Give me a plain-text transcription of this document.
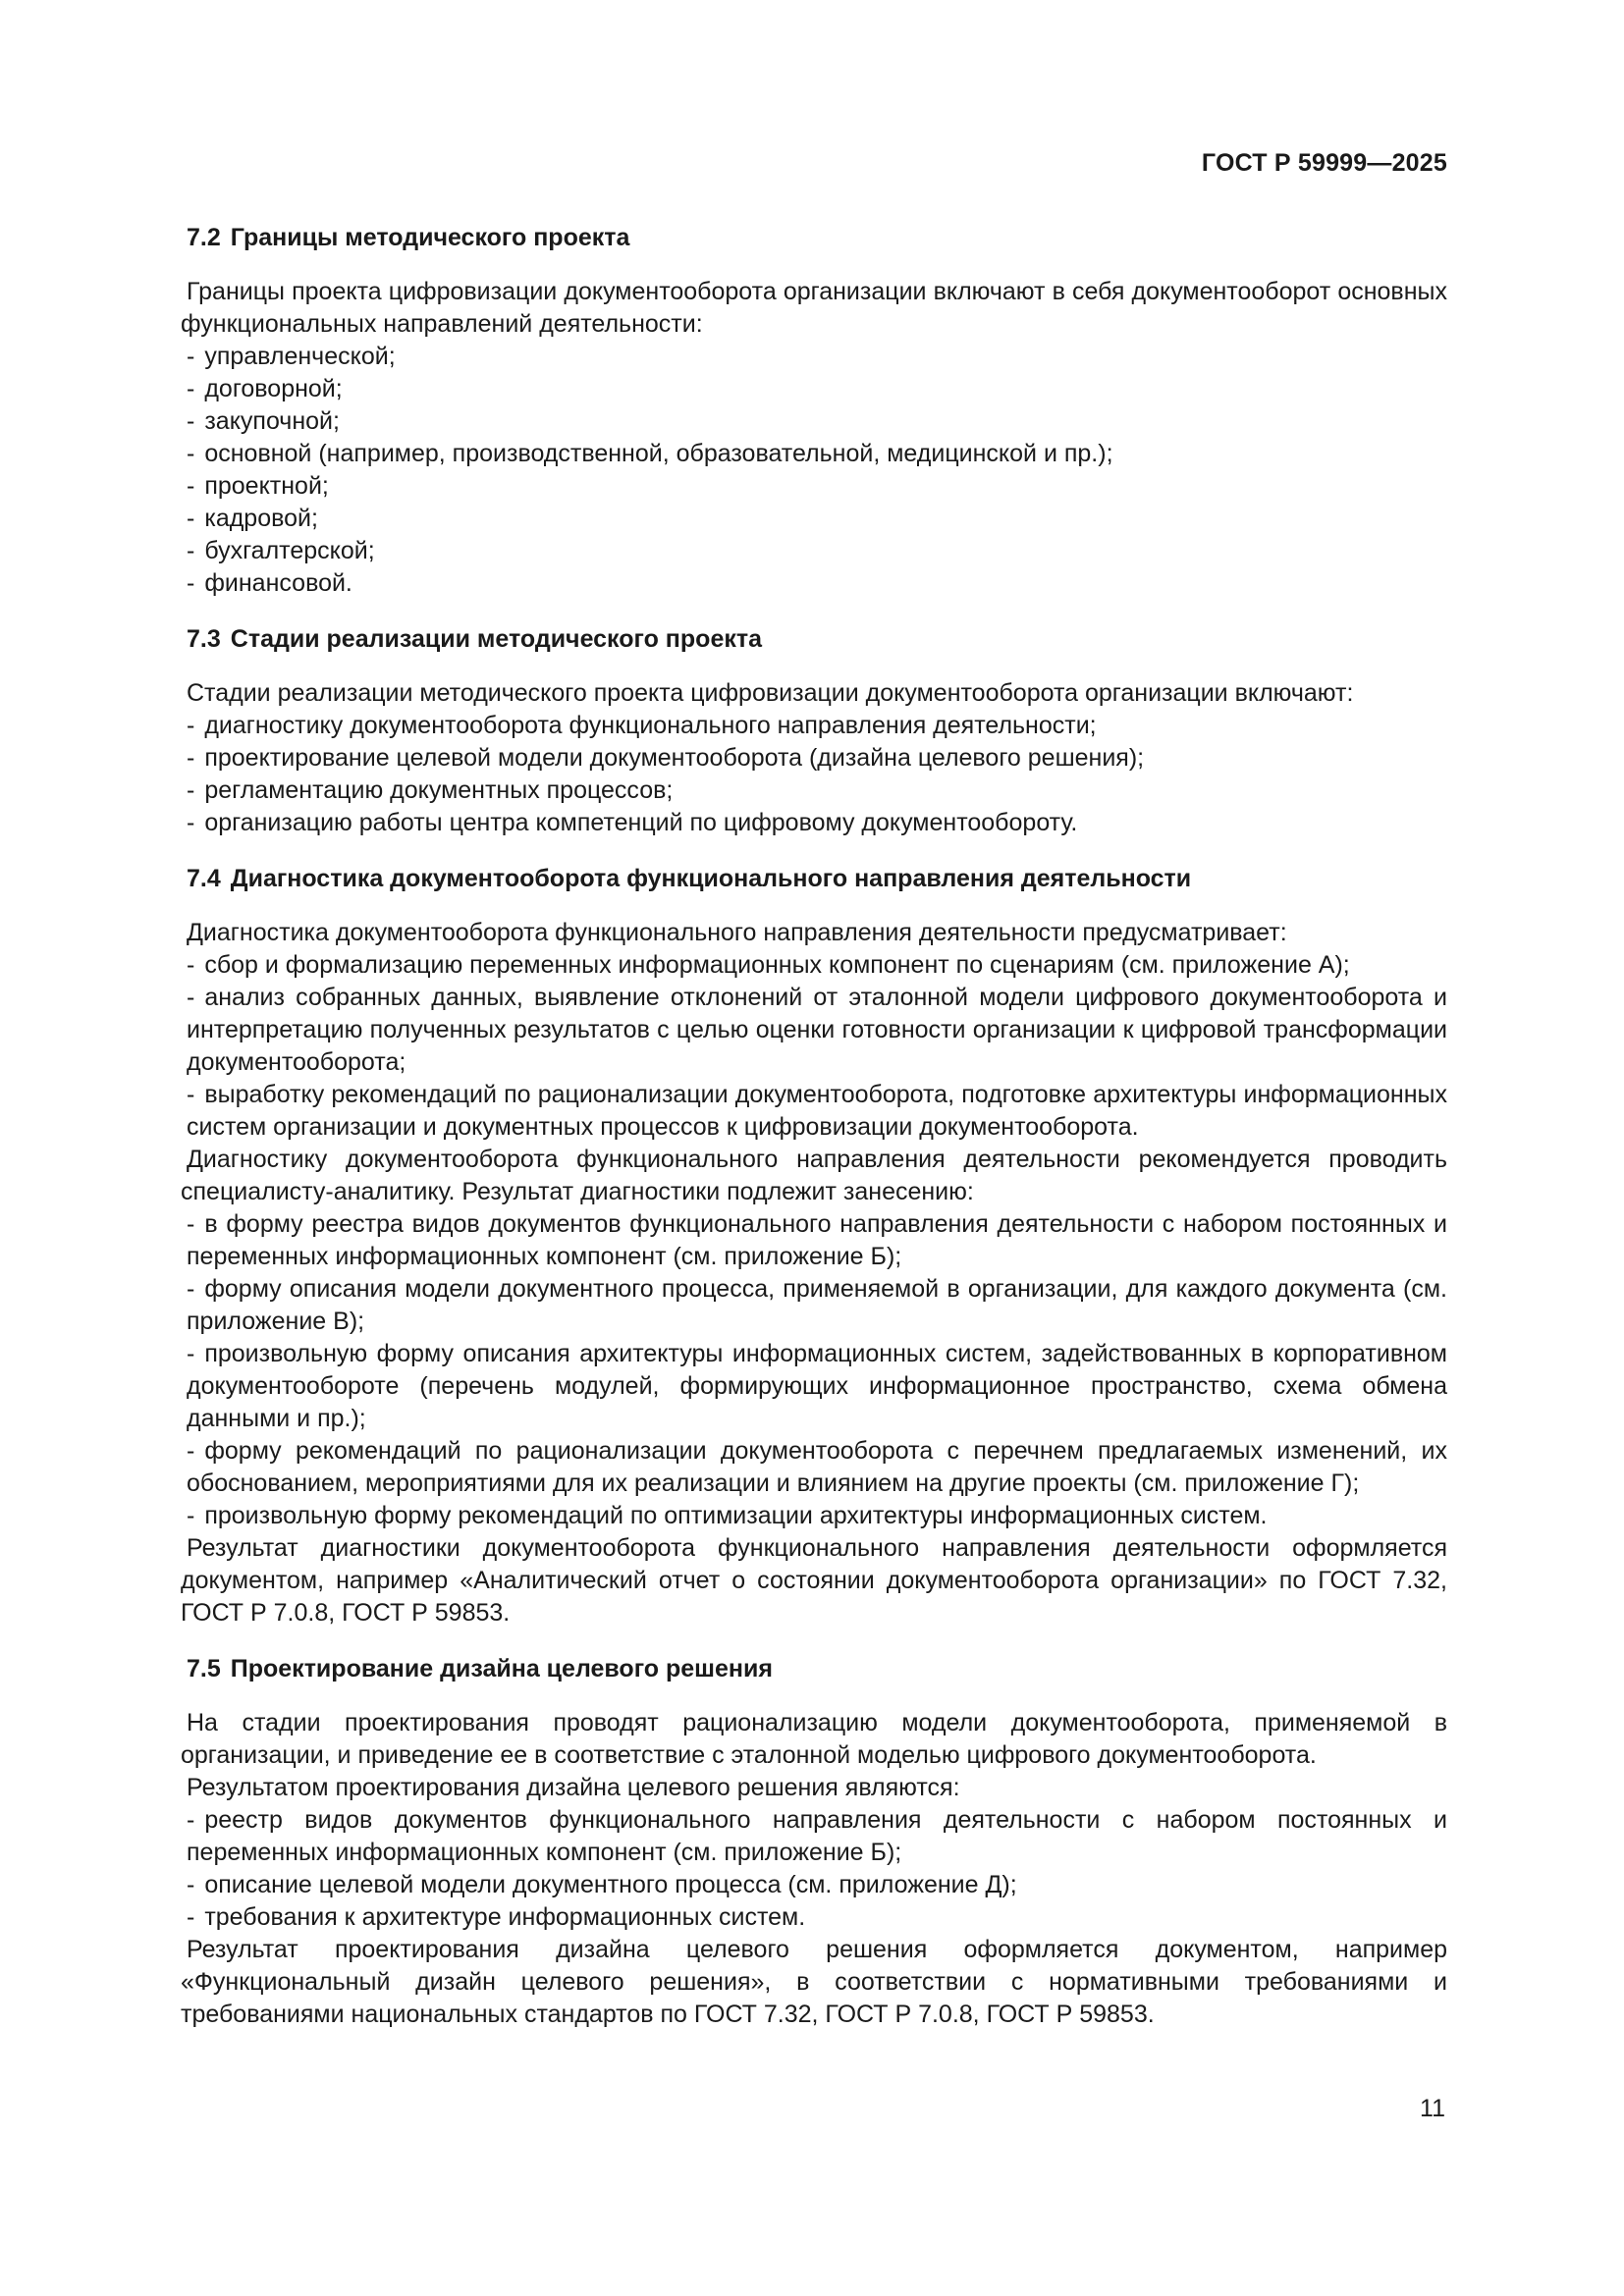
ГОСТ Р 59999—2025
7.2 Границы методического проекта

Границы проекта цифровизации документооборота организации включают в себя документооборот основных функциональных направлений деятельности:

- управленческой;
- договорной;
- закупочной;
- основной (например, производственной, образовательной, медицинской и пр.);
- проектной;
- кадровой;
- бухгалтерской;
- финансовой.
7.3 Стадии реализации методического проекта

Стадии реализации методического проекта цифровизации документооборота организации включают:

- диагностику документооборота функционального направления деятельности;
- проектирование целевой модели документооборота (дизайна целевого решения);
- регламентацию документных процессов;
- организацию работы центра компетенций по цифровому документообороту.
7.4 Диагностика документооборота функционального направления деятельности

Диагностика документооборота функционального направления деятельности предусматривает:

- сбор и формализацию переменных информационных компонент по сценариям (см. приложение А);
- анализ собранных данных, выявление отклонений от эталонной модели цифрового документооборота и интерпретацию полученных результатов с целью оценки готовности организации к цифровой трансформации документооборота;
- выработку рекомендаций по рационализации документооборота, подготовке архитектуры информационных систем организации и документных процессов к цифровизации документооборота.

Диагностику документооборота функционального направления деятельности рекомендуется проводить специалисту-аналитику. Результат диагностики подлежит занесению:

- в форму реестра видов документов функционального направления деятельности с набором постоянных и переменных информационных компонент (см. приложение Б);
- форму описания модели документного процесса, применяемой в организации, для каждого документа (см. приложение В);
- произвольную форму описания архитектуры информационных систем, задействованных в корпоративном документообороте (перечень модулей, формирующих информационное пространство, схема обмена данными и пр.);
- форму рекомендаций по рационализации документооборота с перечнем предлагаемых изменений, их обоснованием, мероприятиями для их реализации и влиянием на другие проекты (см. приложение Г);
- произвольную форму рекомендаций по оптимизации архитектуры информационных систем.

Результат диагностики документооборота функционального направления деятельности оформляется документом, например «Аналитический отчет о состоянии документооборота организации» по ГОСТ 7.32, ГОСТ Р 7.0.8, ГОСТ Р 59853.

7.5 Проектирование дизайна целевого решения

На стадии проектирования проводят рационализацию модели документооборота, применяемой в организации, и приведение ее в соответствие с эталонной моделью цифрового документооборота.

Результатом проектирования дизайна целевого решения являются:

- реестр видов документов функционального направления деятельности с набором постоянных и переменных информационных компонент (см. приложение Б);
- описание целевой модели документного процесса (см. приложение Д);
- требования к архитектуре информационных систем.

Результат проектирования дизайна целевого решения оформляется документом, например «Функциональный дизайн целевого решения», в соответствии с нормативными требованиями и требованиями национальных стандартов по ГОСТ 7.32, ГОСТ Р 7.0.8, ГОСТ Р 59853.

11
